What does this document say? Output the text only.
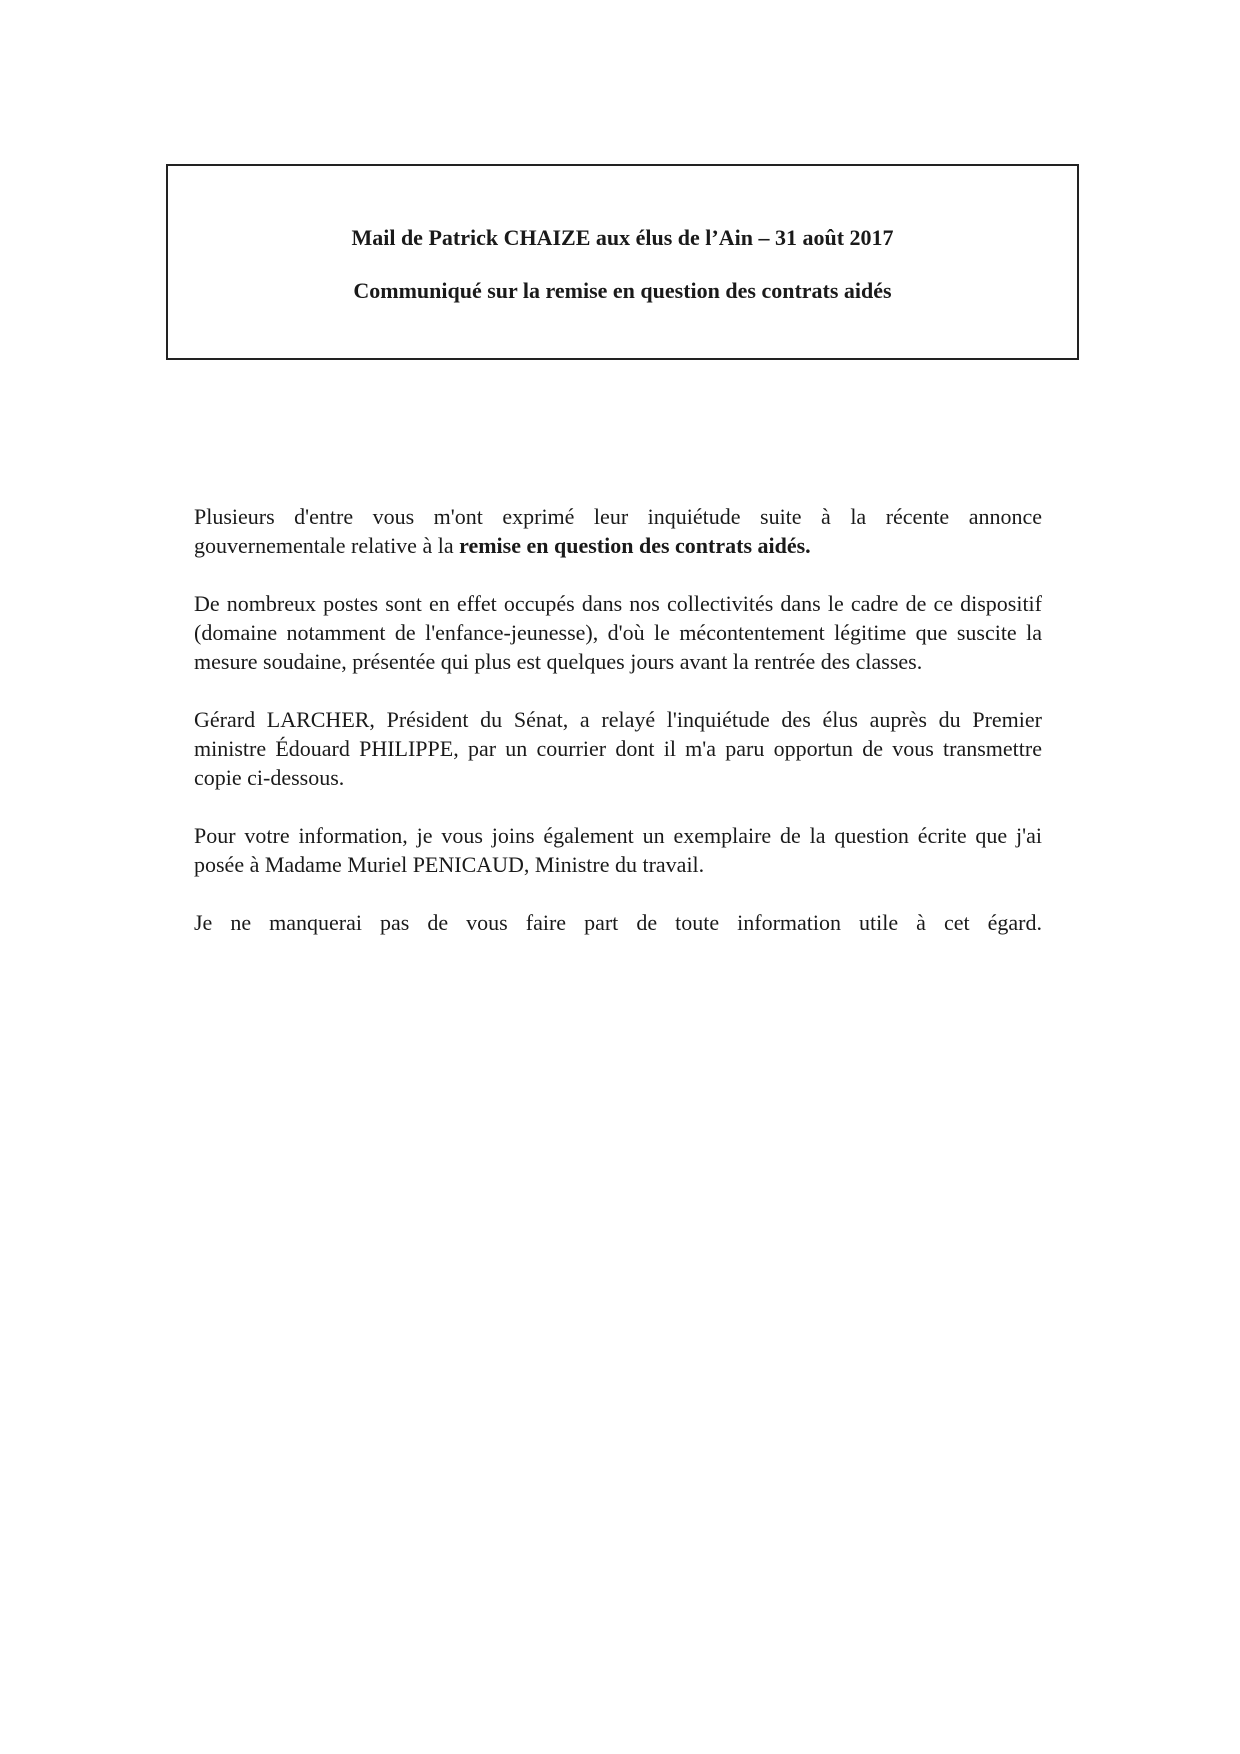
Mail de Patrick CHAIZE aux élus de l’Ain – 31 août 2017

Communiqué sur la remise en question des contrats aidés

Plusieurs d'entre vous m'ont exprimé leur inquiétude suite à la récente annonce gouvernementale relative à la remise en question des contrats aidés.

De nombreux postes sont en effet occupés dans nos collectivités dans le cadre de ce dispositif (domaine notamment de l'enfance-jeunesse), d'où le mécontentement légitime que suscite la mesure soudaine, présentée qui plus est quelques jours avant la rentrée des classes.

Gérard LARCHER, Président du Sénat, a relayé l'inquiétude des élus auprès du Premier ministre Édouard PHILIPPE, par un courrier dont il m'a paru opportun de vous transmettre copie ci-dessous.

Pour votre information, je vous joins également un exemplaire de la question écrite que j'ai posée à Madame Muriel PENICAUD, Ministre du travail.

Je ne manquerai pas de vous faire part de toute information utile à cet égard.
